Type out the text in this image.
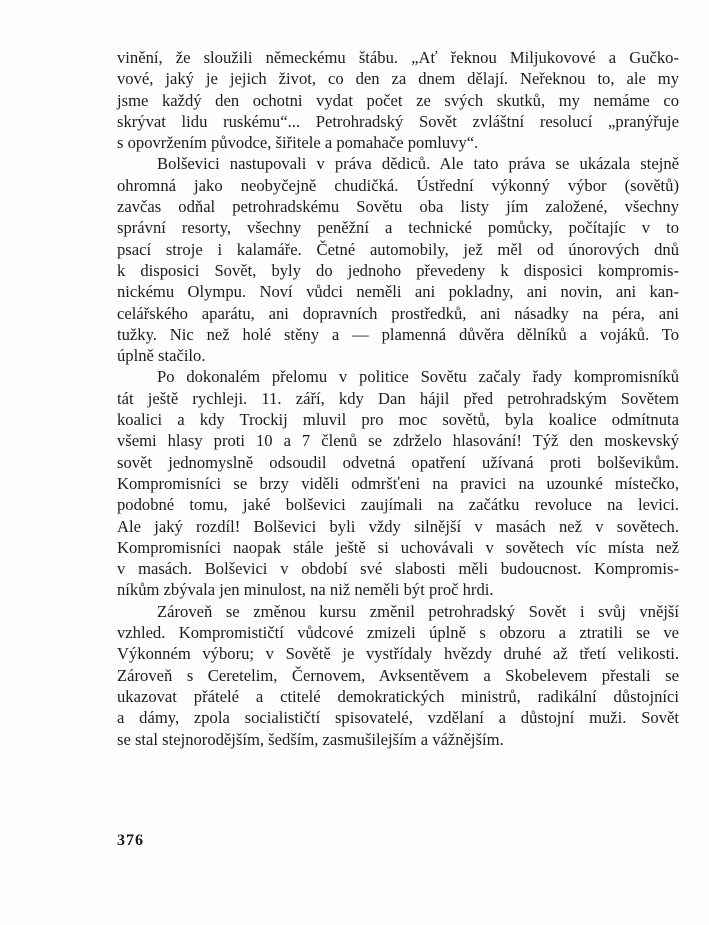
vinění, že sloužili německému štábu. „Ať řeknou Miljukovové a Gučko-
vové, jaký je jejich život, co den za dnem dělají. Neřeknou to, ale my
jsme každý den ochotni vydat počet ze svých skutků, my nemáme co
skrývat lidu ruskému“... Petrohradský Sovět zvláštní resolucí „pranýřuje
s opovržením původce, šiřitele a pomahače pomluvy“.
Bolševici nastupovali v práva dědiců. Ale tato práva se ukázala stejně
ohromná jako neobyčejně chudičká. Ústřední výkonný výbor (sovětů)
zavčas odňal petrohradskému Sovětu oba listy jím založené, všechny
správní resorty, všechny peněžní a technické pomůcky, počítajíc v to
psací stroje i kalamáře. Četné automobily, jež měl od únorových dnů
k disposici Sovět, byly do jednoho převedeny k disposici kompromis-
nickému Olympu. Noví vůdci neměli ani pokladny, ani novin, ani kan-
celářského aparátu, ani dopravních prostředků, ani násadky na péra, ani
tužky. Nic než holé stěny a — plamenná důvěra dělníků a vojáků. To
úplně stačilo.
Po dokonalém přelomu v politice Sovětu začaly řady kompromisníků
tát ještě rychleji. 11. září, kdy Dan hájil před petrohradským Sovětem
koalici a kdy Trockij mluvil pro moc sovětů, byla koalice odmítnuta
všemi hlasy proti 10 a 7 členů se zdrželo hlasování! Týž den moskevský
sovět jednomyslně odsoudil odvetná opatření užívaná proti bolševikům.
Kompromisníci se brzy viděli odmršťeni na pravici na uzounké místečko,
podobné tomu, jaké bolševici zaujímali na začátku revoluce na levici.
Ale jaký rozdíl! Bolševici byli vždy silnější v masách než v sovětech.
Kompromisníci naopak stále ještě si uchovávali v sovětech víc místa než
v masách. Bolševici v období své slabosti měli budoucnost. Kompromis-
níkům zbývala jen minulost, na niž neměli být proč hrdi.
Zároveň se změnou kursu změnil petrohradský Sovět i svůj vnější
vzhled. Kompromističtí vůdcové zmizeli úplně s obzoru a ztratili se ve
Výkonném výboru; v Sovětě je vystřídaly hvězdy druhé až třetí velikosti.
Zároveň s Ceretelim, Černovem, Avksentěvem a Skobelevem přestali se
ukazovat přátelé a ctitelé demokratických ministrů, radikální důstojníci
a dámy, zpola socialističtí spisovatelé, vzdělaní a důstojní muži. Sovět
se stal stejnorodějším, šedším, zasmušilejším a vážnějším.
376
